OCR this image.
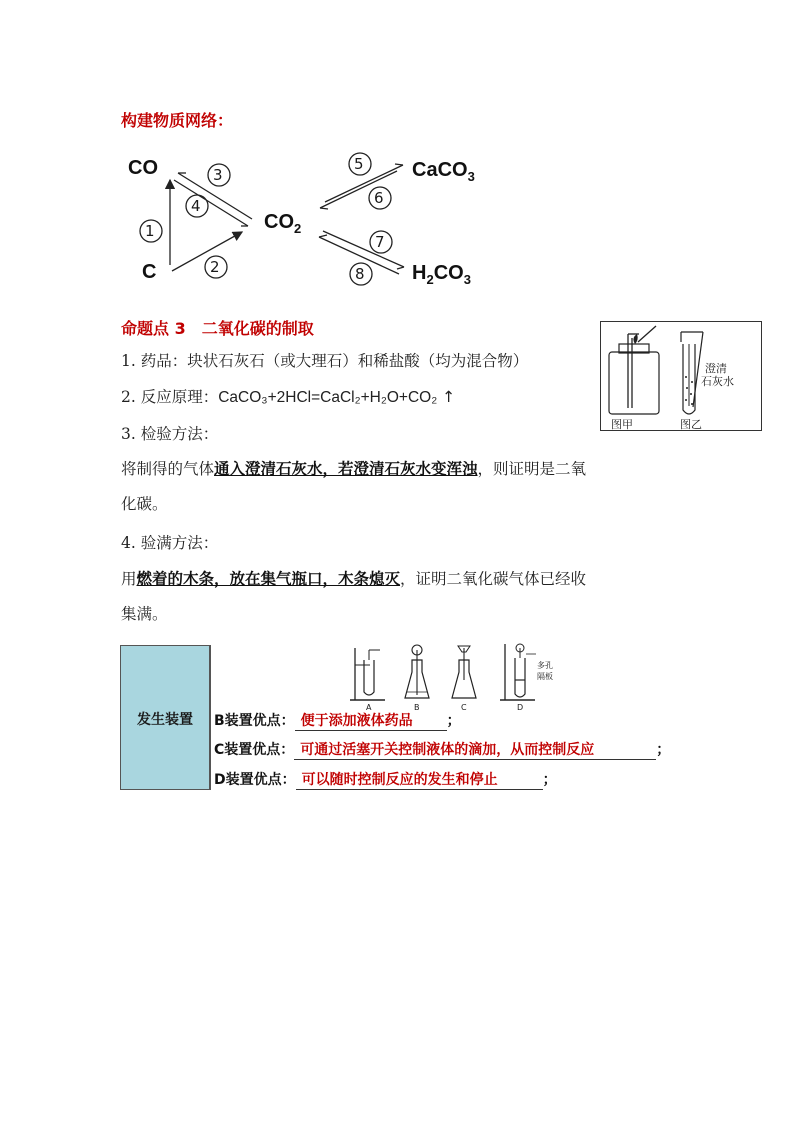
构建物质网络：
1
2
3
4
5
6
7
8
CO
C
$CO_2$
CaCO$_3$
$H_2CO_3$
命题点 3　二氧化碳的制取
1. 药品：块状石灰石（或大理石）和稀盐酸（均为混合物）
2. 反应原理：CaCO₃+2HCl=CaCl₂+H₂O+CO₂ ↑
3. 检验方法：
将制得的气体通入澄清石灰水，若澄清石灰水变浑浊，则证明是二氧
化碳。
4. 验满方法：
用燃着的木条，放在集气瓶口，木条熄灭，证明二氧化碳气体已经收
集满。
澄清
石灰水
图甲	图乙
发生装置
A	B	C	D
多孔
隔板
B装置优点： 便于添加液体药品 ；
C装置优点： 可通过活塞开关控制液体的滴加，从而控制反应	；
D装置优点： 可以随时控制反应的发生和停止	；
